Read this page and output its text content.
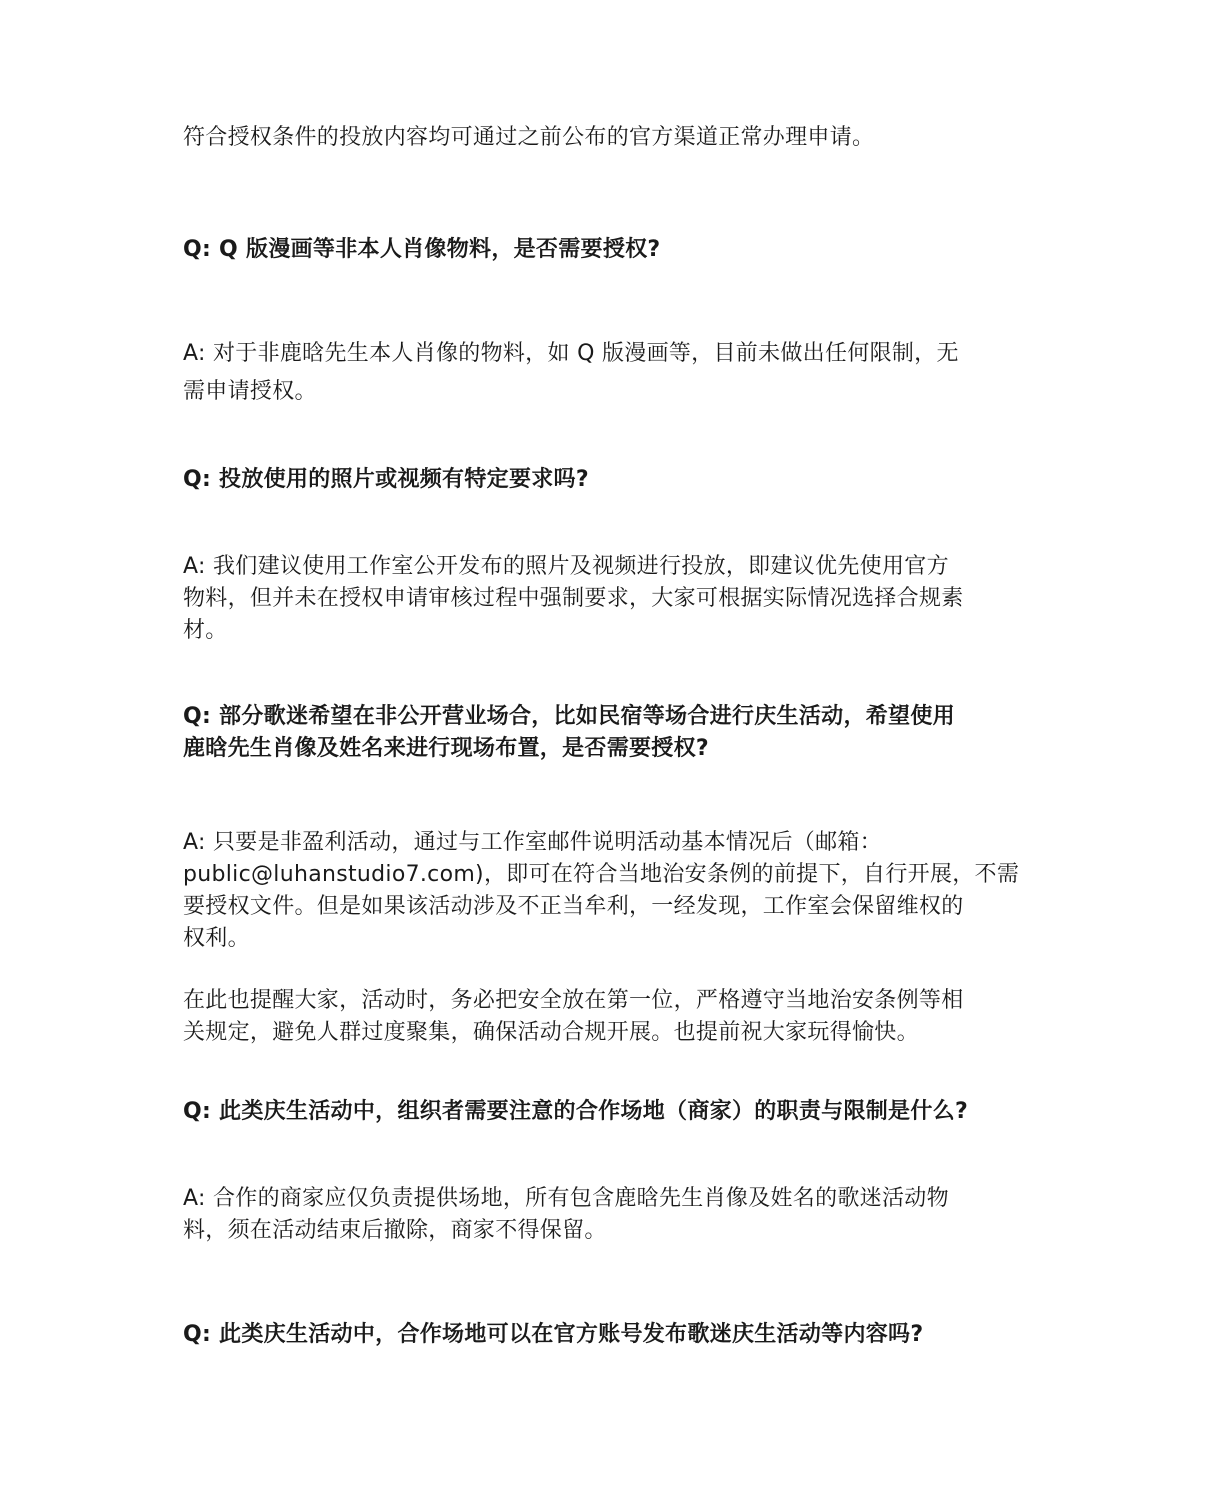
符合授权条件的投放内容均可通过之前公布的官方渠道正常办理申请。
Q: Q 版漫画等非本人肖像物料，是否需要授权?
A: 对于非鹿晗先生本人肖像的物料，如 Q 版漫画等，目前未做出任何限制，无
需申请授权。
Q: 投放使用的照片或视频有特定要求吗?
A: 我们建议使用工作室公开发布的照片及视频进行投放，即建议优先使用官方
物料，但并未在授权申请审核过程中强制要求，大家可根据实际情况选择合规素
材。
Q: 部分歌迷希望在非公开营业场合，比如民宿等场合进行庆生活动，希望使用
鹿晗先生肖像及姓名来进行现场布置，是否需要授权?
A: 只要是非盈利活动，通过与工作室邮件说明活动基本情况后（邮箱：
public@luhanstudio7.com)，即可在符合当地治安条例的前提下，自行开展，不需
要授权文件。但是如果该活动涉及不正当牟利，一经发现，工作室会保留维权的
权利。
在此也提醒大家，活动时，务必把安全放在第一位，严格遵守当地治安条例等相
关规定，避免人群过度聚集，确保活动合规开展。也提前祝大家玩得愉快。
Q: 此类庆生活动中，组织者需要注意的合作场地（商家）的职责与限制是什么?
A: 合作的商家应仅负责提供场地，所有包含鹿晗先生肖像及姓名的歌迷活动物
料，须在活动结束后撤除，商家不得保留。
Q: 此类庆生活动中，合作场地可以在官方账号发布歌迷庆生活动等内容吗?
